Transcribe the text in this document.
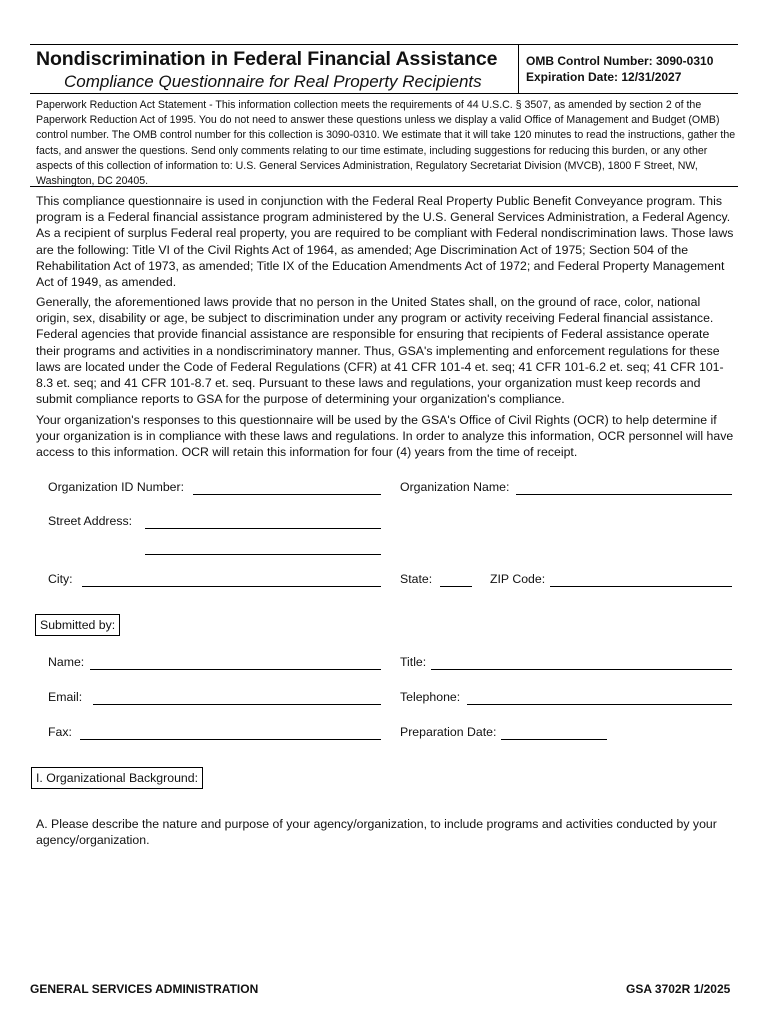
Nondiscrimination in Federal Financial Assistance
Compliance Questionnaire for Real Property Recipients
OMB Control Number: 3090-0310
Expiration Date: 12/31/2027
Paperwork Reduction Act Statement - This information collection meets the requirements of 44 U.S.C. § 3507, as amended by section 2 of the Paperwork Reduction Act of 1995. You do not need to answer these questions unless we display a valid Office of Management and Budget (OMB) control number. The OMB control number for this collection is 3090-0310. We estimate that it will take 120 minutes to read the instructions, gather the facts, and answer the questions. Send only comments relating to our time estimate, including suggestions for reducing this burden, or any other aspects of this collection of information to: U.S. General Services Administration, Regulatory Secretariat Division (MVCB), 1800 F Street, NW, Washington, DC 20405.
This compliance questionnaire is used in conjunction with the Federal Real Property Public Benefit Conveyance program. This program is a Federal financial assistance program administered by the U.S. General Services Administration, a Federal Agency. As a recipient of surplus Federal real property, you are required to be compliant with Federal nondiscrimination laws. Those laws are the following: Title VI of the Civil Rights Act of 1964, as amended; Age Discrimination Act of 1975; Section 504 of the Rehabilitation Act of 1973, as amended; Title IX of the Education Amendments Act of 1972; and Federal Property Management Act of 1949, as amended.
Generally, the aforementioned laws provide that no person in the United States shall, on the ground of race, color, national origin, sex, disability or age, be subject to discrimination under any program or activity receiving Federal financial assistance. Federal agencies that provide financial assistance are responsible for ensuring that recipients of Federal assistance operate their programs and activities in a nondiscriminatory manner. Thus, GSA's implementing and enforcement regulations for these laws are located under the Code of Federal Regulations (CFR) at 41 CFR 101-4 et. seq; 41 CFR 101-6.2 et. seq; 41 CFR 101-8.3 et. seq; and 41 CFR 101-8.7 et. seq. Pursuant to these laws and regulations, your organization must keep records and submit compliance reports to GSA for the purpose of determining your organization's compliance.
Your organization's responses to this questionnaire will be used by the GSA's Office of Civil Rights (OCR) to help determine if your organization is in compliance with these laws and regulations. In order to analyze this information, OCR personnel will have access to this information. OCR will retain this information for four (4) years from the time of receipt.
Organization ID Number:	Organization Name:
Street Address:
City:	State:	ZIP Code:
Submitted by:
Name:	Title:
Email:	Telephone:
Fax:	Preparation Date:
I. Organizational Background:
A. Please describe the nature and purpose of your agency/organization, to include programs and activities conducted by your agency/organization.
GENERAL SERVICES ADMINISTRATION	GSA 3702R 1/2025
